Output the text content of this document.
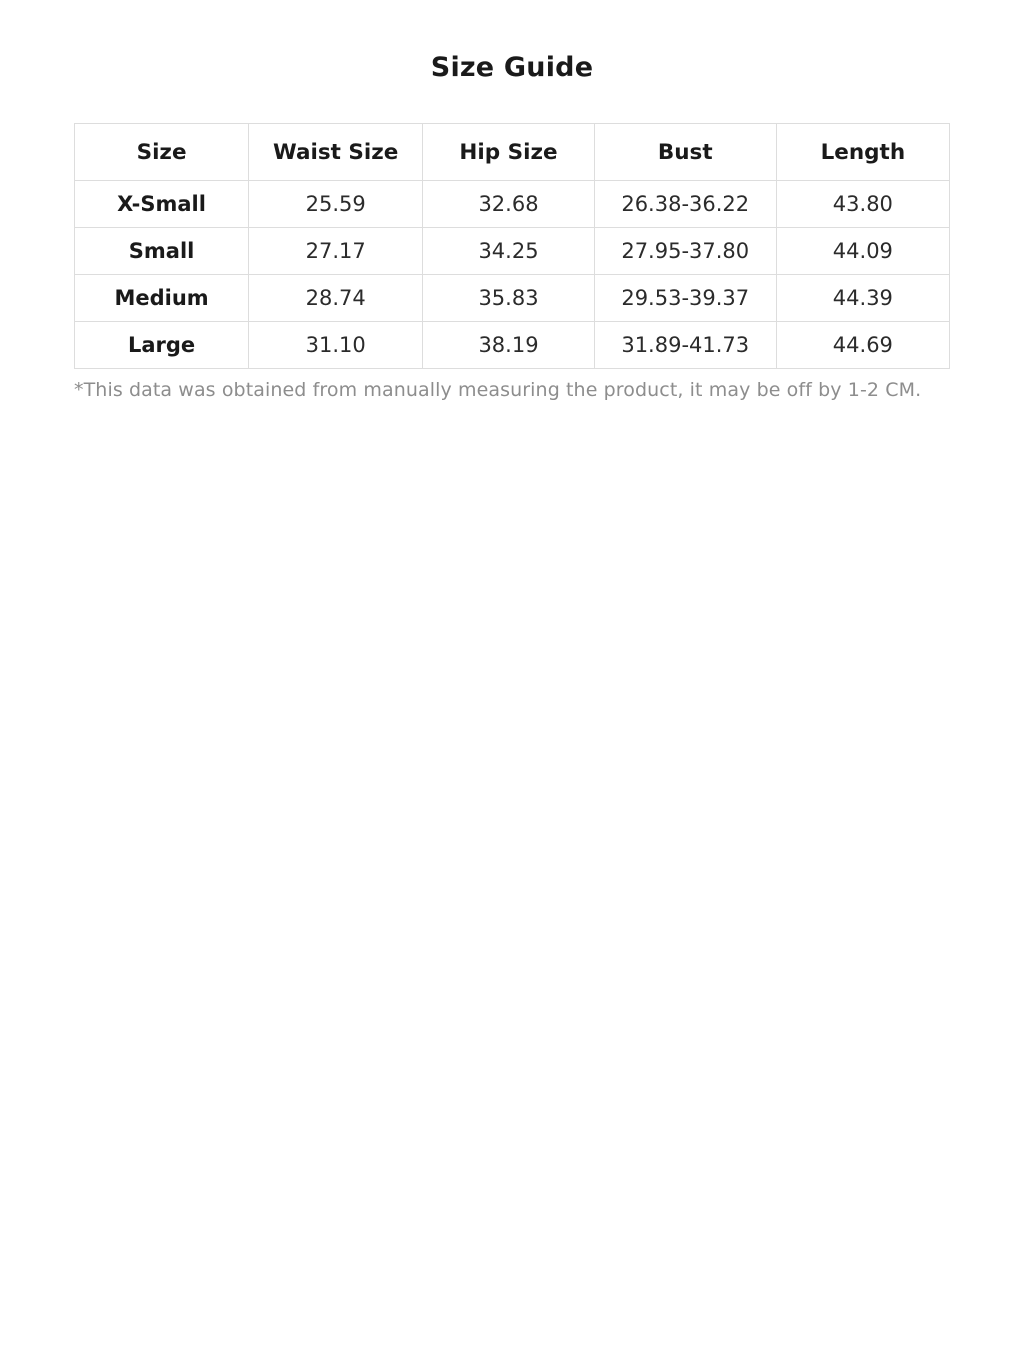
Size Guide
Size	Waist Size	Hip Size	Bust	Length
X-Small	25.59	32.68	26.38-36.22	43.80
Small	27.17	34.25	27.95-37.80	44.09
Medium	28.74	35.83	29.53-39.37	44.39
Large	31.10	38.19	31.89-41.73	44.69
*This data was obtained from manually measuring the product, it may be off by 1-2 CM.
